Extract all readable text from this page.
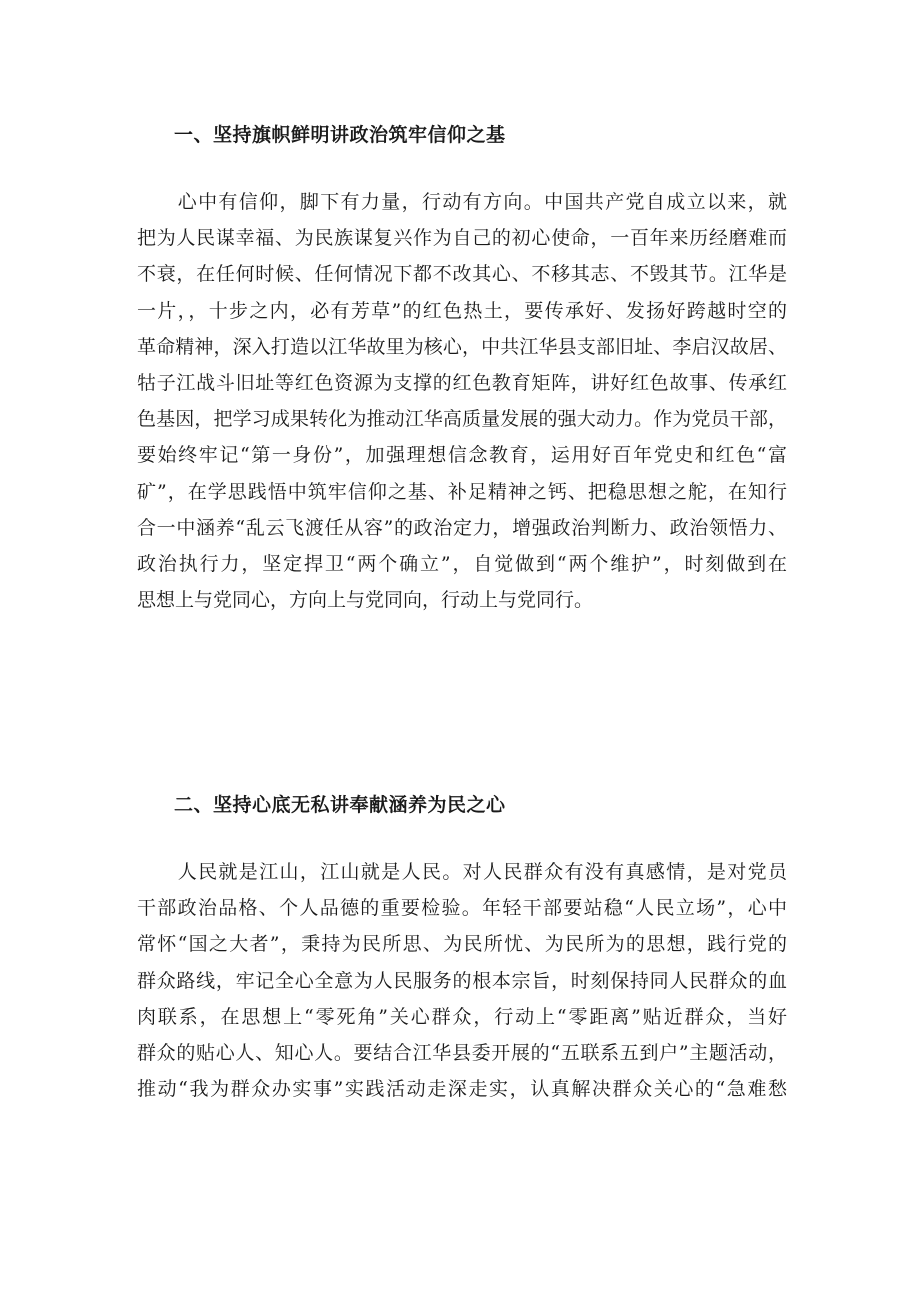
一、坚持旗帜鲜明讲政治筑牢信仰之基
　　心中有信仰，脚下有力量，行动有方向。中国共产党自成立以来，就
把为人民谋幸福、为民族谋复兴作为自己的初心使命，一百年来历经磨难而
不衰，在任何时候、任何情况下都不改其心、不移其志、不毁其节。江华是
一片，，十步之内，必有芳草”的红色热土，要传承好、发扬好跨越时空的
革命精神，深入打造以江华故里为核心，中共江华县支部旧址、李启汉故居、
牯子江战斗旧址等红色资源为支撑的红色教育矩阵，讲好红色故事、传承红
色基因，把学习成果转化为推动江华高质量发展的强大动力。作为党员干部，
要始终牢记“第一身份”，加强理想信念教育，运用好百年党史和红色“富
矿”，在学思践悟中筑牢信仰之基、补足精神之钙、把稳思想之舵，在知行
合一中涵养“乱云飞渡任从容”的政治定力，增强政治判断力、政治领悟力、
政治执行力，坚定捍卫“两个确立”，自觉做到“两个维护”，时刻做到在
思想上与党同心，方向上与党同向，行动上与党同行。
二、坚持心底无私讲奉献涵养为民之心
　　人民就是江山，江山就是人民。对人民群众有没有真感情，是对党员
干部政治品格、个人品德的重要检验。年轻干部要站稳“人民立场”，心中
常怀“国之大者”，秉持为民所思、为民所忧、为民所为的思想，践行党的
群众路线，牢记全心全意为人民服务的根本宗旨，时刻保持同人民群众的血
肉联系，在思想上“零死角”关心群众，行动上“零距离”贴近群众，当好
群众的贴心人、知心人。要结合江华县委开展的“五联系五到户”主题活动，
推动“我为群众办实事”实践活动走深走实，认真解决群众关心的“急难愁
